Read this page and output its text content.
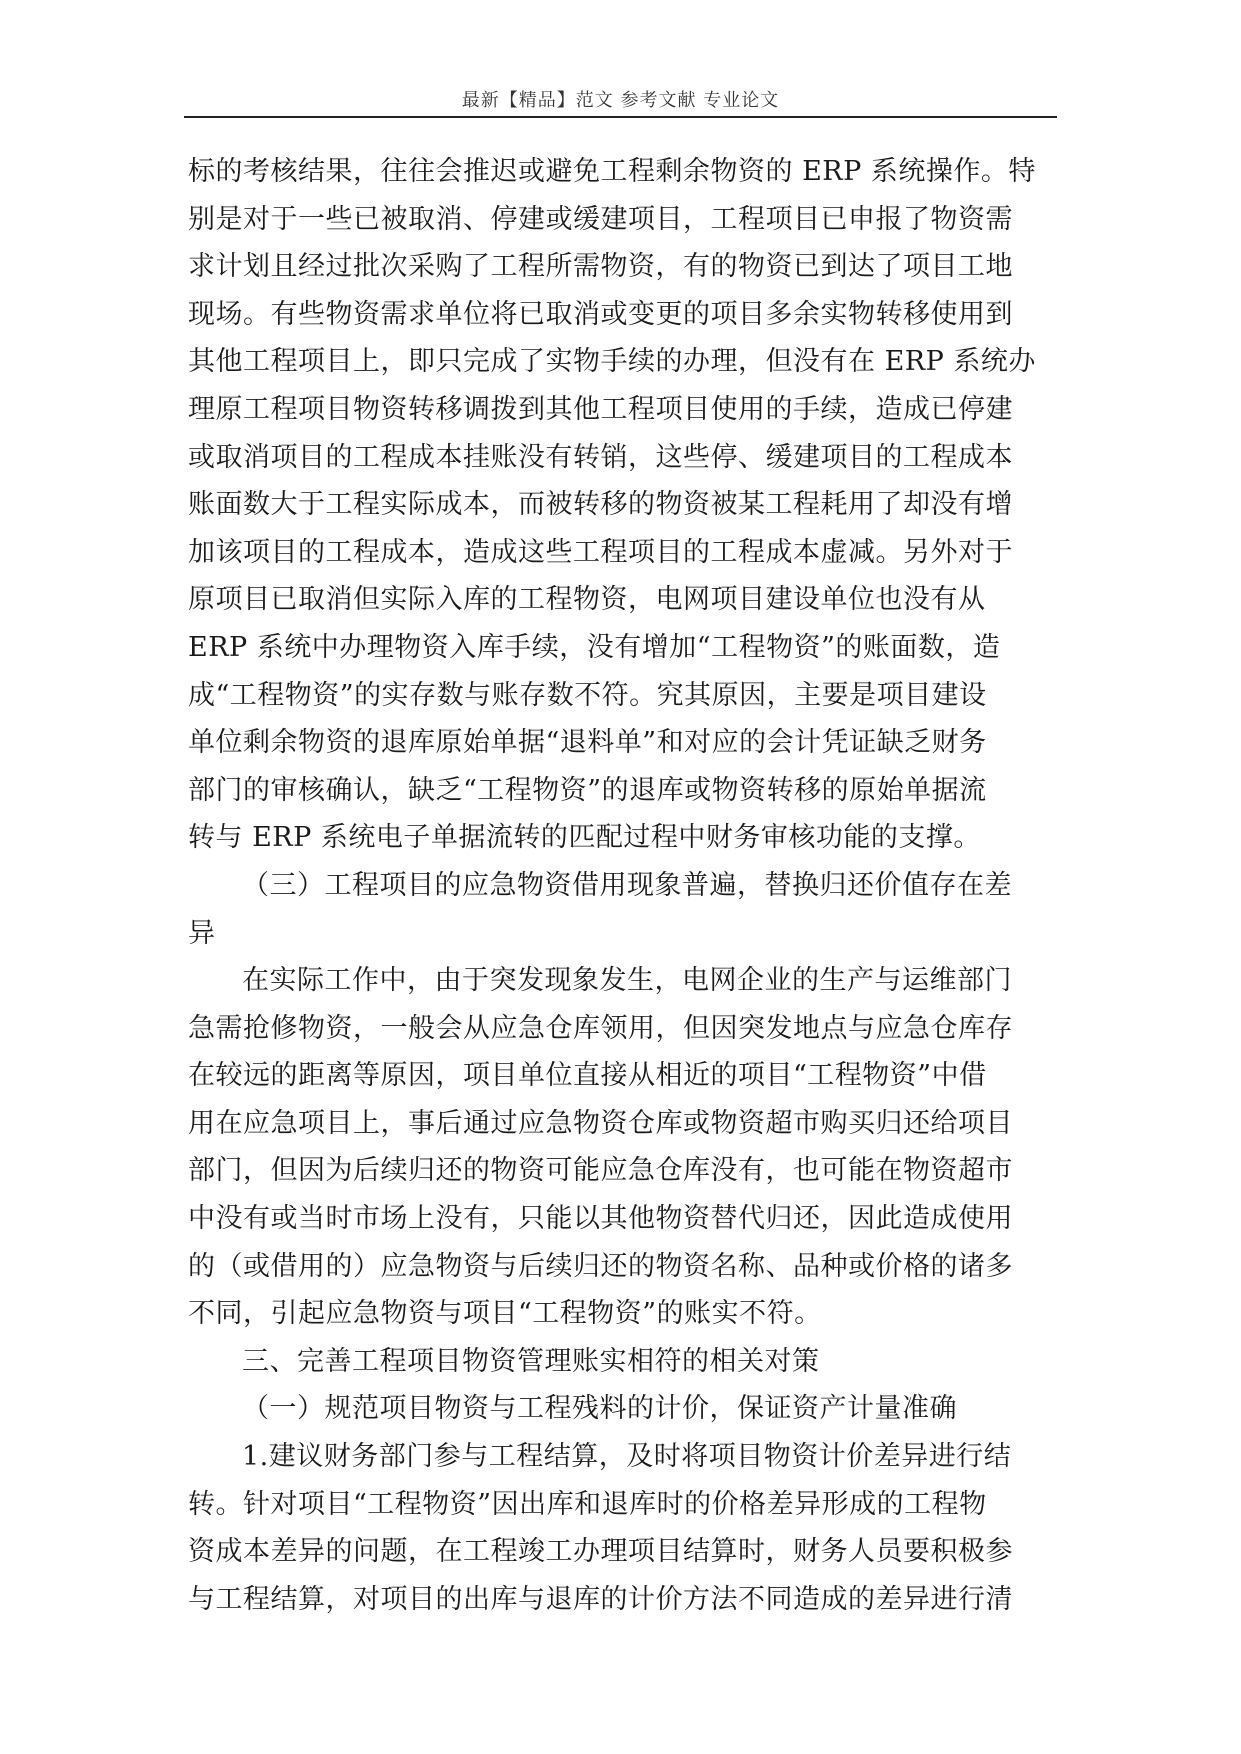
最新【精品】范文 参考文献 专业论文
标的考核结果，往往会推迟或避免工程剩余物资的 ERP 系统操作。特
别是对于一些已被取消、停建或缓建项目，工程项目已申报了物资需
求计划且经过批次采购了工程所需物资，有的物资已到达了项目工地
现场。有些物资需求单位将已取消或变更的项目多余实物转移使用到
其他工程项目上，即只完成了实物手续的办理，但没有在 ERP 系统办
理原工程项目物资转移调拨到其他工程项目使用的手续，造成已停建
或取消项目的工程成本挂账没有转销，这些停、缓建项目的工程成本
账面数大于工程实际成本，而被转移的物资被某工程耗用了却没有增
加该项目的工程成本，造成这些工程项目的工程成本虚减。另外对于
原项目已取消但实际入库的工程物资，电网项目建设单位也没有从
ERP 系统中办理物资入库手续，没有增加“工程物资”的账面数，造
成“工程物资”的实存数与账存数不符。究其原因，主要是项目建设
单位剩余物资的退库原始单据“退料单”和对应的会计凭证缺乏财务
部门的审核确认，缺乏“工程物资”的退库或物资转移的原始单据流
转与 ERP 系统电子单据流转的匹配过程中财务审核功能的支撑。
（三）工程项目的应急物资借用现象普遍，替换归还价值存在差
异
在实际工作中，由于突发现象发生，电网企业的生产与运维部门
急需抢修物资，一般会从应急仓库领用，但因突发地点与应急仓库存
在较远的距离等原因，项目单位直接从相近的项目“工程物资”中借
用在应急项目上，事后通过应急物资仓库或物资超市购买归还给项目
部门，但因为后续归还的物资可能应急仓库没有，也可能在物资超市
中没有或当时市场上没有，只能以其他物资替代归还，因此造成使用
的（或借用的）应急物资与后续归还的物资名称、品种或价格的诸多
不同，引起应急物资与项目“工程物资”的账实不符。
三、完善工程项目物资管理账实相符的相关对策
（一）规范项目物资与工程残料的计价，保证资产计量准确
1.建议财务部门参与工程结算，及时将项目物资计价差异进行结
转。针对项目“工程物资”因出库和退库时的价格差异形成的工程物
资成本差异的问题，在工程竣工办理项目结算时，财务人员要积极参
与工程结算，对项目的出库与退库的计价方法不同造成的差异进行清
